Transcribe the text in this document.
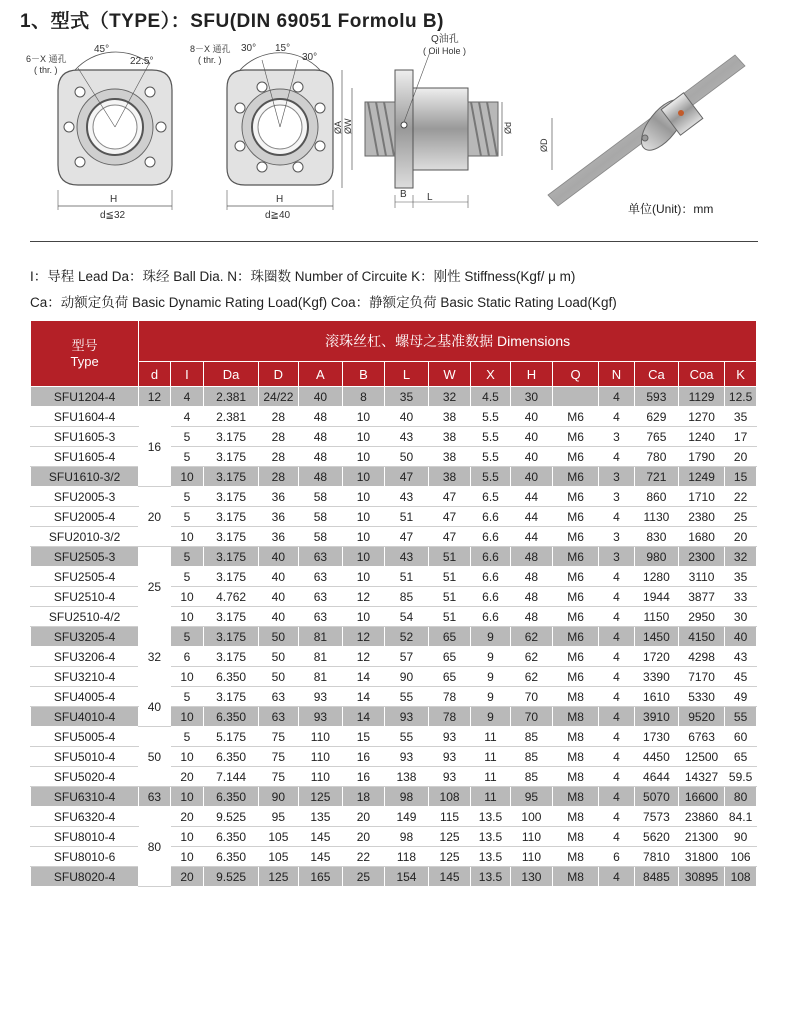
1、型式（TYPE）：SFU(DIN 69051 Formolu B)
45°
22.5°
6－X 通孔
( thr. )
H
d≦32
30° 15°
30°
8－X 通孔
( thr. )
H
d≧40
Q油孔
( Oil Hole )
ØA ØW	Ød
B L
ØD
单位(Unit)：mm
I：导程 Lead Da：珠经 Ball Dia. N：珠圈数 Number of Circuite K：刚性 Stiffness(Kgf/ μ m)
Ca：动额定负荷 Basic Dynamic Rating Load(Kgf) Coa：静额定负荷 Basic Static Rating Load(Kgf)
型号
Type	滚珠丝杠、螺母之基准数据 Dimensions														
	d	I	Da	D	A	B	L	W	X	H	Q	N	Ca	Coa	K
SFU1204-4	12	4	2.381	24/22	40	8	35	32	4.5	30		4	593	1129	12.5
SFU1604-4	16	4	2.381	28	48	10	40	38	5.5	40	M6	4	629	1270	35
SFU1605-3		5	3.175	28	48	10	43	38	5.5	40	M6	3	765	1240	17
SFU1605-4		5	3.175	28	48	10	50	38	5.5	40	M6	4	780	1790	20
SFU1610-3/2		10	3.175	28	48	10	47	38	5.5	40	M6	3	721	1249	15
SFU2005-3	20	5	3.175	36	58	10	43	47	6.5	44	M6	3	860	1710	22
SFU2005-4		5	3.175	36	58	10	51	47	6.6	44	M6	4	1130	2380	25
SFU2010-3/2		10	3.175	36	58	10	47	47	6.6	44	M6	3	830	1680	20
SFU2505-3	25	5	3.175	40	63	10	43	51	6.6	48	M6	3	980	2300	32
SFU2505-4		5	3.175	40	63	10	51	51	6.6	48	M6	4	1280	3110	35
SFU2510-4		10	4.762	40	63	12	85	51	6.6	48	M6	4	1944	3877	33
SFU2510-4/2		10	3.175	40	63	10	54	51	6.6	48	M6	4	1150	2950	30
SFU3205-4	32	5	3.175	50	81	12	52	65	9	62	M6	4	1450	4150	40
SFU3206-4		6	3.175	50	81	12	57	65	9	62	M6	4	1720	4298	43
SFU3210-4		10	6.350	50	81	14	90	65	9	62	M6	4	3390	7170	45
SFU4005-4	40	5	3.175	63	93	14	55	78	9	70	M8	4	1610	5330	49
SFU4010-4		10	6.350	63	93	14	93	78	9	70	M8	4	3910	9520	55
SFU5005-4	50	5	5.175	75	110	15	55	93	11	85	M8	4	1730	6763	60
SFU5010-4		10	6.350	75	110	16	93	93	11	85	M8	4	4450	12500	65
SFU5020-4		20	7.144	75	110	16	138	93	11	85	M8	4	4644	14327	59.5
SFU6310-4	63	10	6.350	90	125	18	98	108	11	95	M8	4	5070	16600	80
SFU6320-4	80	20	9.525	95	135	20	149	115	13.5	100	M8	4	7573	23860	84.1
SFU8010-4		10	6.350	105	145	20	98	125	13.5	110	M8	4	5620	21300	90
SFU8010-6		10	6.350	105	145	22	118	125	13.5	110	M8	6	7810	31800	106
SFU8020-4		20	9.525	125	165	25	154	145	13.5	130	M8	4	8485	30895	108
